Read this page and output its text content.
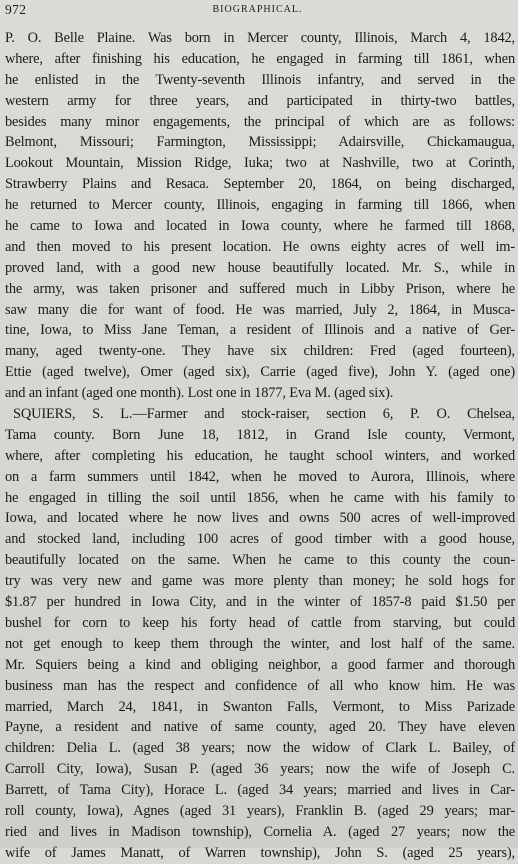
972	BIOGRAPHICAL.
P. O. Belle Plaine. Was born in Mercer county, Illinois, March 4, 1842,
where, after finishing his education, he engaged in farming till 1861, when
he enlisted in the Twenty-seventh Illinois infantry, and served in the
western army for three years, and participated in thirty-two battles,
besides many minor engagements, the principal of which are as follows:
Belmont, Missouri; Farmington, Mississippi; Adairsville, Chickamaugua,
Lookout Mountain, Mission Ridge, Iuka; two at Nashville, two at Corinth,
Strawberry Plains and Resaca. September 20, 1864, on being discharged,
he returned to Mercer county, Illinois, engaging in farming till 1866, when
he came to Iowa and located in Iowa county, where he farmed till 1868,
and then moved to his present location. He owns eighty acres of well im-
proved land, with a good new house beautifully located. Mr. S., while in
the army, was taken prisoner and suffered much in Libby Prison, where he
saw many die for want of food. He was married, July 2, 1864, in Musca-
tine, Iowa, to Miss Jane Teman, a resident of Illinois and a native of Ger-
many, aged twenty-one. They have six children: Fred (aged fourteen),
Ettie (aged twelve), Omer (aged six), Carrie (aged five), John Y. (aged one)
and an infant (aged one month). Lost one in 1877, Eva M. (aged six).
SQUIERS, S. L.—Farmer and stock-raiser, section 6, P. O. Chelsea,
Tama county. Born June 18, 1812, in Grand Isle county, Vermont,
where, after completing his education, he taught school winters, and worked
on a farm summers until 1842, when he moved to Aurora, Illinois, where
he engaged in tilling the soil until 1856, when he came with his family to
Iowa, and located where he now lives and owns 500 acres of well-improved
and stocked land, including 100 acres of good timber with a good house,
beautifully located on the same. When he came to this county the coun-
try was very new and game was more plenty than money; he sold hogs for
$1.87 per hundred in Iowa City, and in the winter of 1857-8 paid $1.50 per
bushel for corn to keep his forty head of cattle from starving, but could
not get enough to keep them through the winter, and lost half of the same.
Mr. Squiers being a kind and obliging neighbor, a good farmer and thorough
business man has the respect and confidence of all who know him. He was
married, March 24, 1841, in Swanton Falls, Vermont, to Miss Parizade
Payne, a resident and native of same county, aged 20. They have eleven
children: Delia L. (aged 38 years; now the widow of Clark L. Bailey, of
Carroll City, Iowa), Susan P. (aged 36 years; now the wife of Joseph C.
Barrett, of Tama City), Horace L. (aged 34 years; married and lives in Car-
roll county, Iowa), Agnes (aged 31 years), Franklin B. (aged 29 years; mar-
ried and lives in Madison township), Cornelia A. (aged 27 years; now the
wife of James Manatt, of Warren township), John S. (aged 25 years),
